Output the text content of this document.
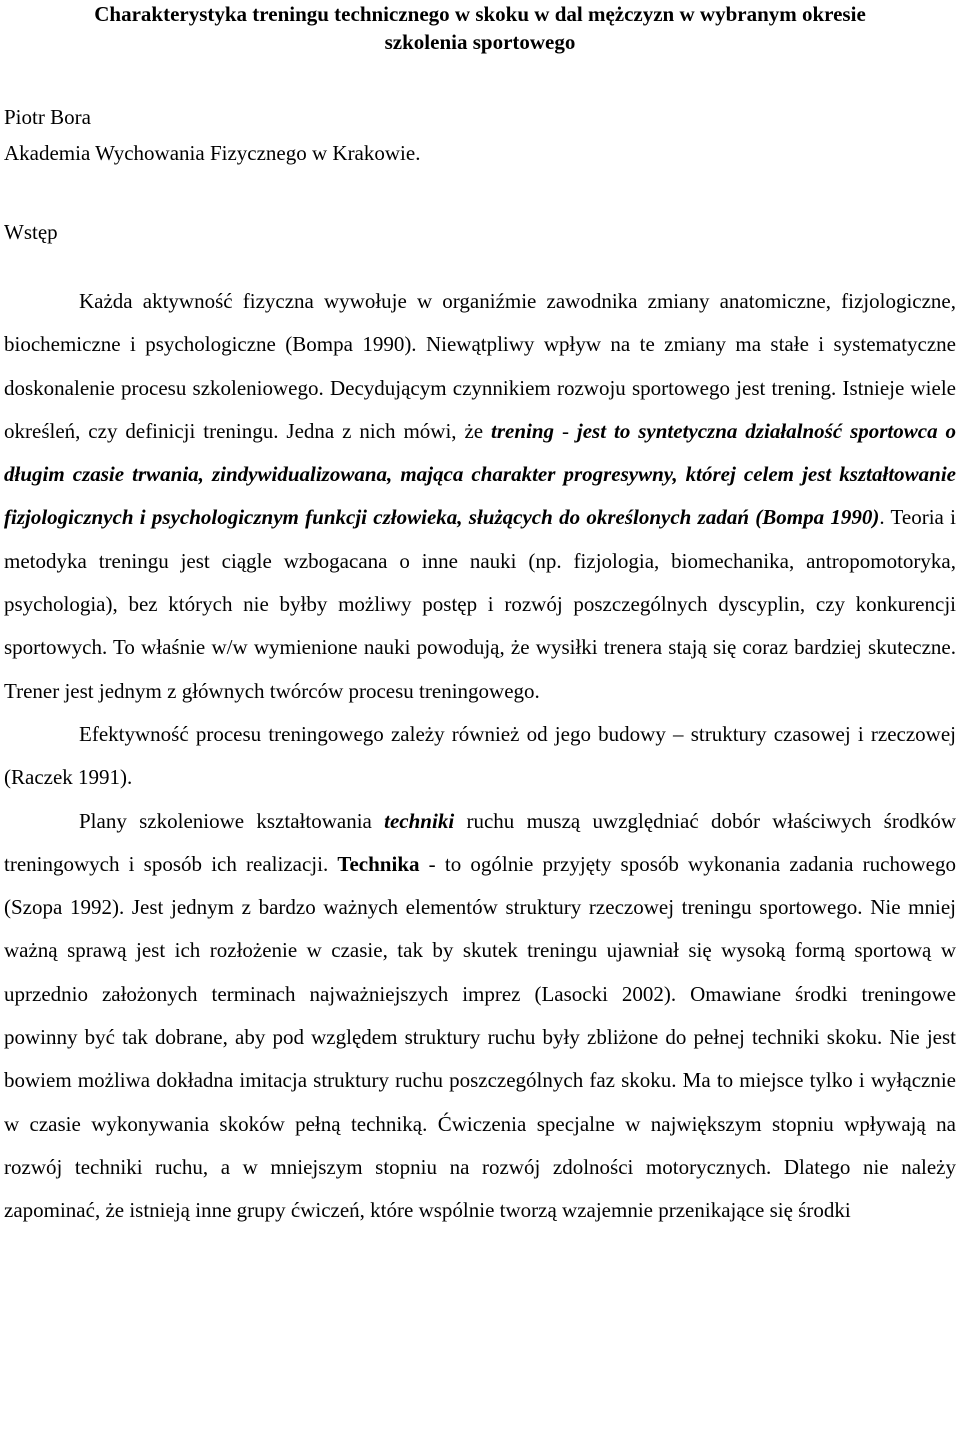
Charakterystyka treningu technicznego w skoku w dal mężczyzn w wybranym okresie
szkolenia sportowego
Piotr Bora
Akademia Wychowania Fizycznego w Krakowie.
Wstęp

Każda aktywność fizyczna wywołuje w organiźmie zawodnika zmiany anatomiczne, fizjologiczne, biochemiczne i psychologiczne (Bompa 1990). Niewątpliwy wpływ na te zmiany ma stałe i systematyczne doskonalenie procesu szkoleniowego. Decydującym czynnikiem rozwoju sportowego jest trening. Istnieje wiele określeń, czy definicji treningu. Jedna z nich mówi, że trening - jest to syntetyczna działalność sportowca o długim czasie trwania, zindywidualizowana, mająca charakter progresywny, której celem jest kształtowanie fizjologicznych i psychologicznym funkcji człowieka, służących do określonych zadań (Bompa 1990). Teoria i metodyka treningu jest ciągle wzbogacana o inne nauki (np. fizjologia, biomechanika, antropomotoryka, psychologia), bez których nie byłby możliwy postęp i rozwój poszczególnych dyscyplin, czy konkurencji sportowych. To właśnie w/w wymienione nauki powodują, że wysiłki trenera stają się coraz bardziej skuteczne. Trener jest jednym z głównych twórców procesu treningowego.

Efektywność procesu treningowego zależy również od jego budowy – struktury czasowej i rzeczowej (Raczek 1991).

Plany szkoleniowe kształtowania techniki ruchu muszą uwzględniać dobór właściwych środków treningowych i sposób ich realizacji. Technika - to ogólnie przyjęty sposób wykonania zadania ruchowego (Szopa 1992). Jest jednym z bardzo ważnych elementów struktury rzeczowej treningu sportowego. Nie mniej ważną sprawą jest ich rozłożenie w czasie, tak by skutek treningu ujawniał się wysoką formą sportową w uprzednio założonych terminach najważniejszych imprez (Lasocki 2002). Omawiane środki treningowe powinny być tak dobrane, aby pod względem struktury ruchu były zbliżone do pełnej techniki skoku. Nie jest bowiem możliwa dokładna imitacja struktury ruchu poszczególnych faz skoku. Ma to miejsce tylko i wyłącznie w czasie wykonywania skoków pełną techniką. Ćwiczenia specjalne w największym stopniu wpływają na rozwój techniki ruchu, a w mniejszym stopniu na rozwój zdolności motorycznych. Dlatego nie należy zapominać, że istnieją inne grupy ćwiczeń, które wspólnie tworzą wzajemnie przenikające się środki
